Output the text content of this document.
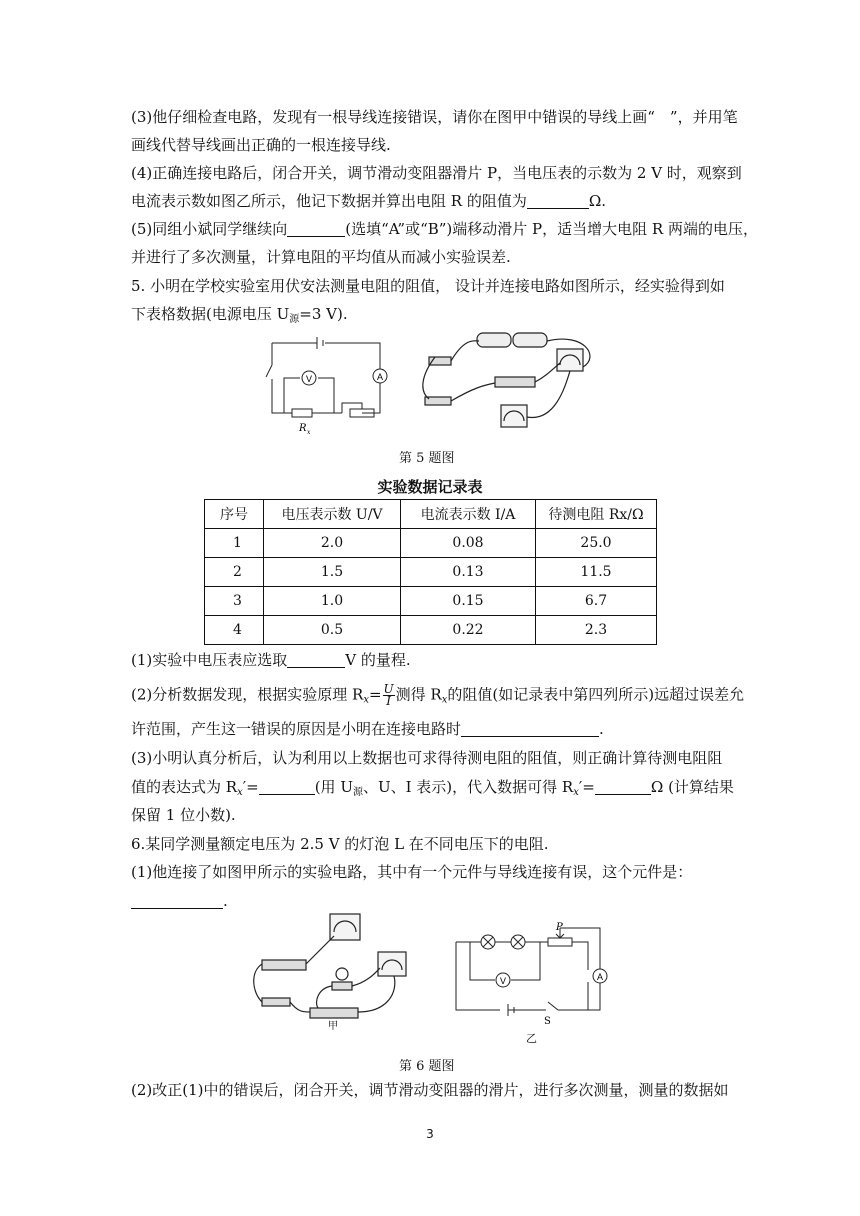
(3)他仔细检查电路，发现有一根导线连接错误，请你在图甲中错误的导线上画“　”，并用笔
画线代替导线画出正确的一根连接导线.
(4)正确连接电路后，闭合开关，调节滑动变阻器滑片 P，当电压表的示数为 2 V 时，观察到
电流表示数如图乙所示，他记下数据并算出电阻 R 的阻值为	Ω.
(5)同组小斌同学继续向	(选填“A”或“B”)端移动滑片 P，适当增大电阻 R 两端的电压，
并进行了多次测量，计算电阻的平均值从而减小实验误差.
5. 小明在学校实验室用伏安法测量电阻的阻值， 设计并连接电路如图所示，经实验得到如
下表格数据(电源电压 $U_源=3$ V).
V	A
R x
第 5 题图
实验数据记录表
序号	电压表示数 U/V	电流表示数 I/A	待测电阻 Rx/Ω
1	2.0	0.08	25.0
2	1.5	0.13	11.5
3	1.0	0.15	6.7
4	0.5	0.22	2.3
(1)实验中电压表应选取	V 的量程.
(2)分析数据发现，根据实验原理 $R_x= \frac{U}{I}$ 测得 $R_x$的阻值(如记录表中第四列所示)远超过误差允
许范围，产生这一错误的原因是小明在连接电路时	.
(3)小明认真分析后，认为利用以上数据也可求得待测电阻的阻值，则正确计算待测电阻阻
值的表达式为 $R_x'=$	(用 $U_源$、U、I 表示)，代入数据可得 $R_x'=$	Ω (计算结果
保留 1 位小数).
6.某同学测量额定电压为 2.5 V 的灯泡 L 在不同电压下的电阻.
(1)他连接了如图甲所示的实验电路，其中有一个元件与导线连接有误，这个元件是：
.
甲
P
A
V
S
乙
第 6 题图
(2)改正(1)中的错误后，闭合开关，调节滑动变阻器的滑片，进行多次测量，测量的数据如
3
